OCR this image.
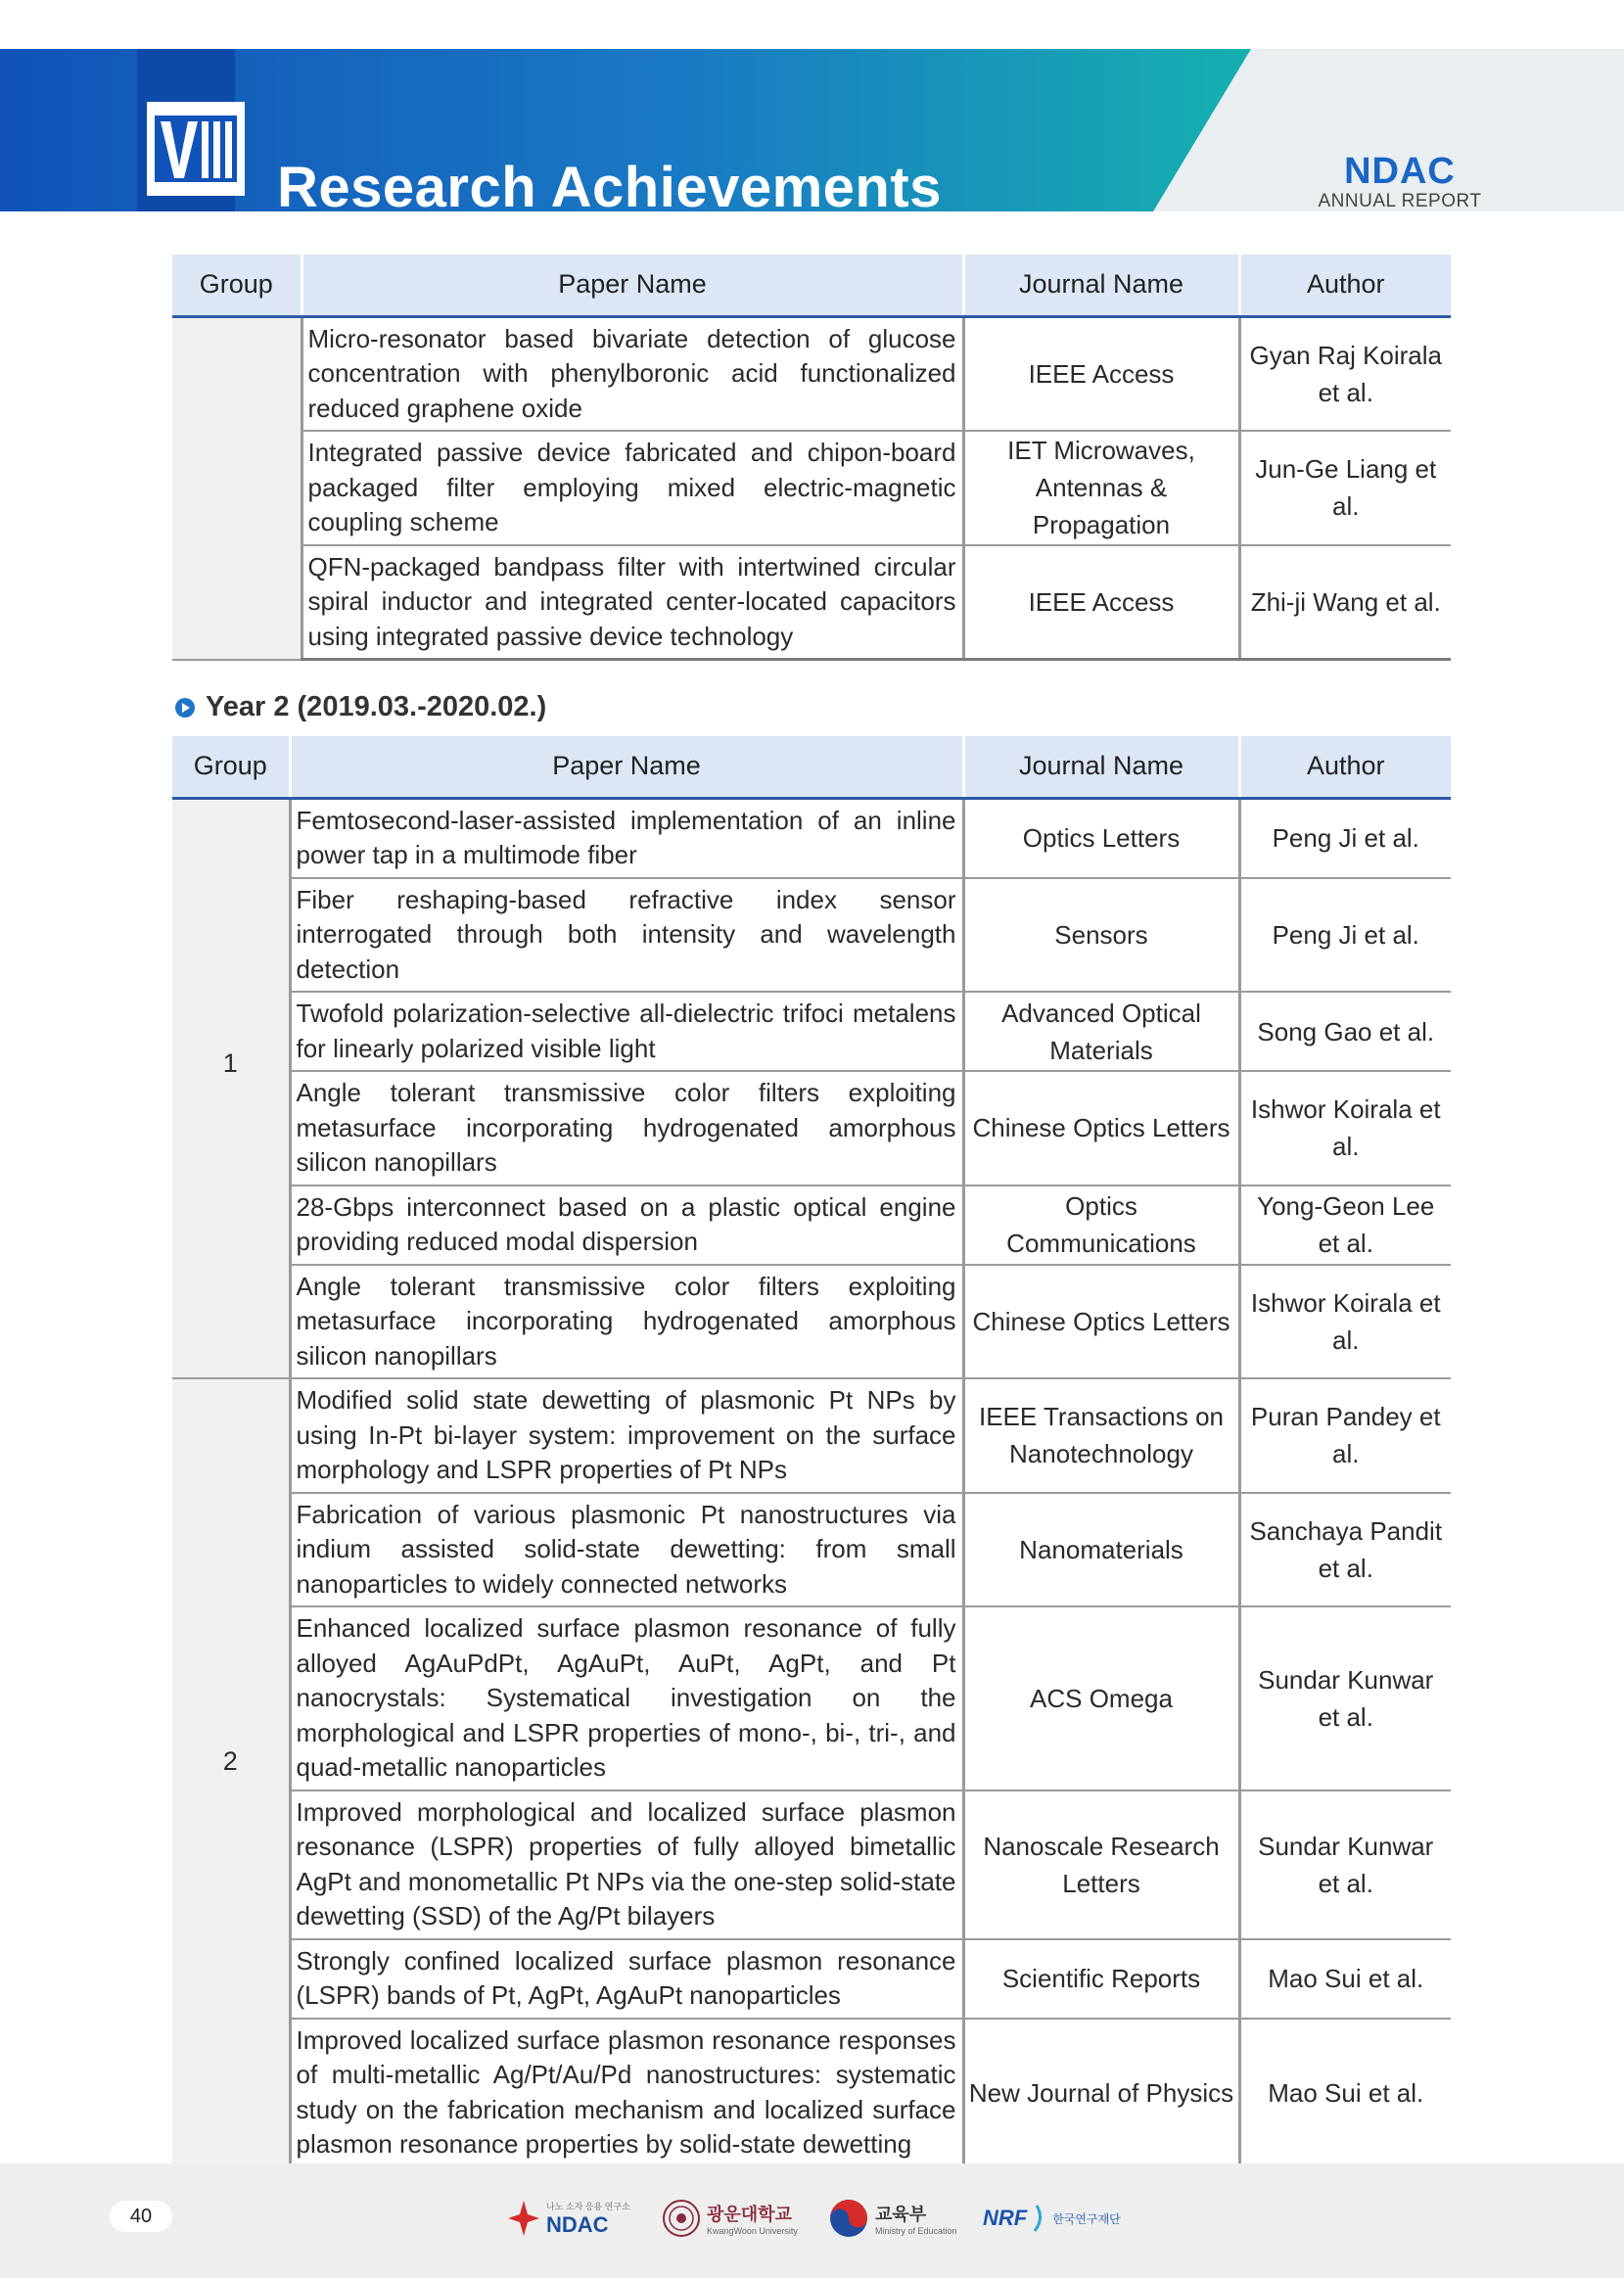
Research Achievements	NDAC
ANNUAL REPORT
Group	Paper Name	Journal Name	Author
	Micro-resonator based bivariate detection of glucose concentration with phenylboronic acid functionalized reduced graphene oxide	IEEE Access	Gyan Raj Koirala et al.
	Integrated passive device fabricated and chipon-board packaged filter employing mixed electric-magnetic coupling scheme	IET Microwaves, Antennas & Propagation	Jun-Ge Liang et al.
	QFN-packaged bandpass filter with intertwined circular spiral inductor and integrated center-located capacitors using integrated passive device technology	IEEE Access	Zhi-ji Wang et al.
Year 2 (2019.03.-2020.02.)
Group	Paper Name	Journal Name	Author
1	Femtosecond-laser-assisted implementation of an inline power tap in a multimode fiber	Optics Letters	Peng Ji et al.
	Fiber reshaping-based refractive index sensor interrogated through both intensity and wavelength detection	Sensors	Peng Ji et al.
	Twofold polarization-selective all-dielectric trifoci metalens for linearly polarized visible light	Advanced Optical Materials	Song Gao et al.
	Angle tolerant transmissive color filters exploiting metasurface incorporating hydrogenated amorphous silicon nanopillars	Chinese Optics Letters	Ishwor Koirala et al.
	28-Gbps interconnect based on a plastic optical engine providing reduced modal dispersion	Optics Communications	Yong-Geon Lee et al.
	Angle tolerant transmissive color filters exploiting metasurface incorporating hydrogenated amorphous silicon nanopillars	Chinese Optics Letters	Ishwor Koirala et al.
2	Modified solid state dewetting of plasmonic Pt NPs by using In-Pt bi-layer system: improvement on the surface morphology and LSPR properties of Pt NPs	IEEE Transactions on Nanotechnology	Puran Pandey et al.
	Fabrication of various plasmonic Pt nanostructures via indium assisted solid-state dewetting: from small nanoparticles to widely connected networks	Nanomaterials	Sanchaya Pandit et al.
	Enhanced localized surface plasmon resonance of fully alloyed AgAuPdPt, AgAuPt, AuPt, AgPt, and Pt nanocrystals: Systematical investigation on the morphological and LSPR properties of mono-, bi-, tri-, and quad-metallic nanoparticles	ACS Omega	Sundar Kunwar et al.
	Improved morphological and localized surface plasmon resonance (LSPR) properties of fully alloyed bimetallic AgPt and monometallic Pt NPs via the one-step solid-state dewetting (SSD) of the Ag/Pt bilayers	Nanoscale Research Letters	Sundar Kunwar et al.
	Strongly confined localized surface plasmon resonance (LSPR) bands of Pt, AgPt, AgAuPt nanoparticles	Scientific Reports	Mao Sui et al.
	Improved localized surface plasmon resonance responses of multi-metallic Ag/Pt/Au/Pd nanostructures: systematic study on the fabrication mechanism and localized surface plasmon resonance properties by solid-state dewetting	New Journal of Physics	Mao Sui et al.
40	나노 소자 응용 연구소
NDAC	광운대학교
KwangWoon University
교육부
Ministry of Education
NRF 한국연구재단
